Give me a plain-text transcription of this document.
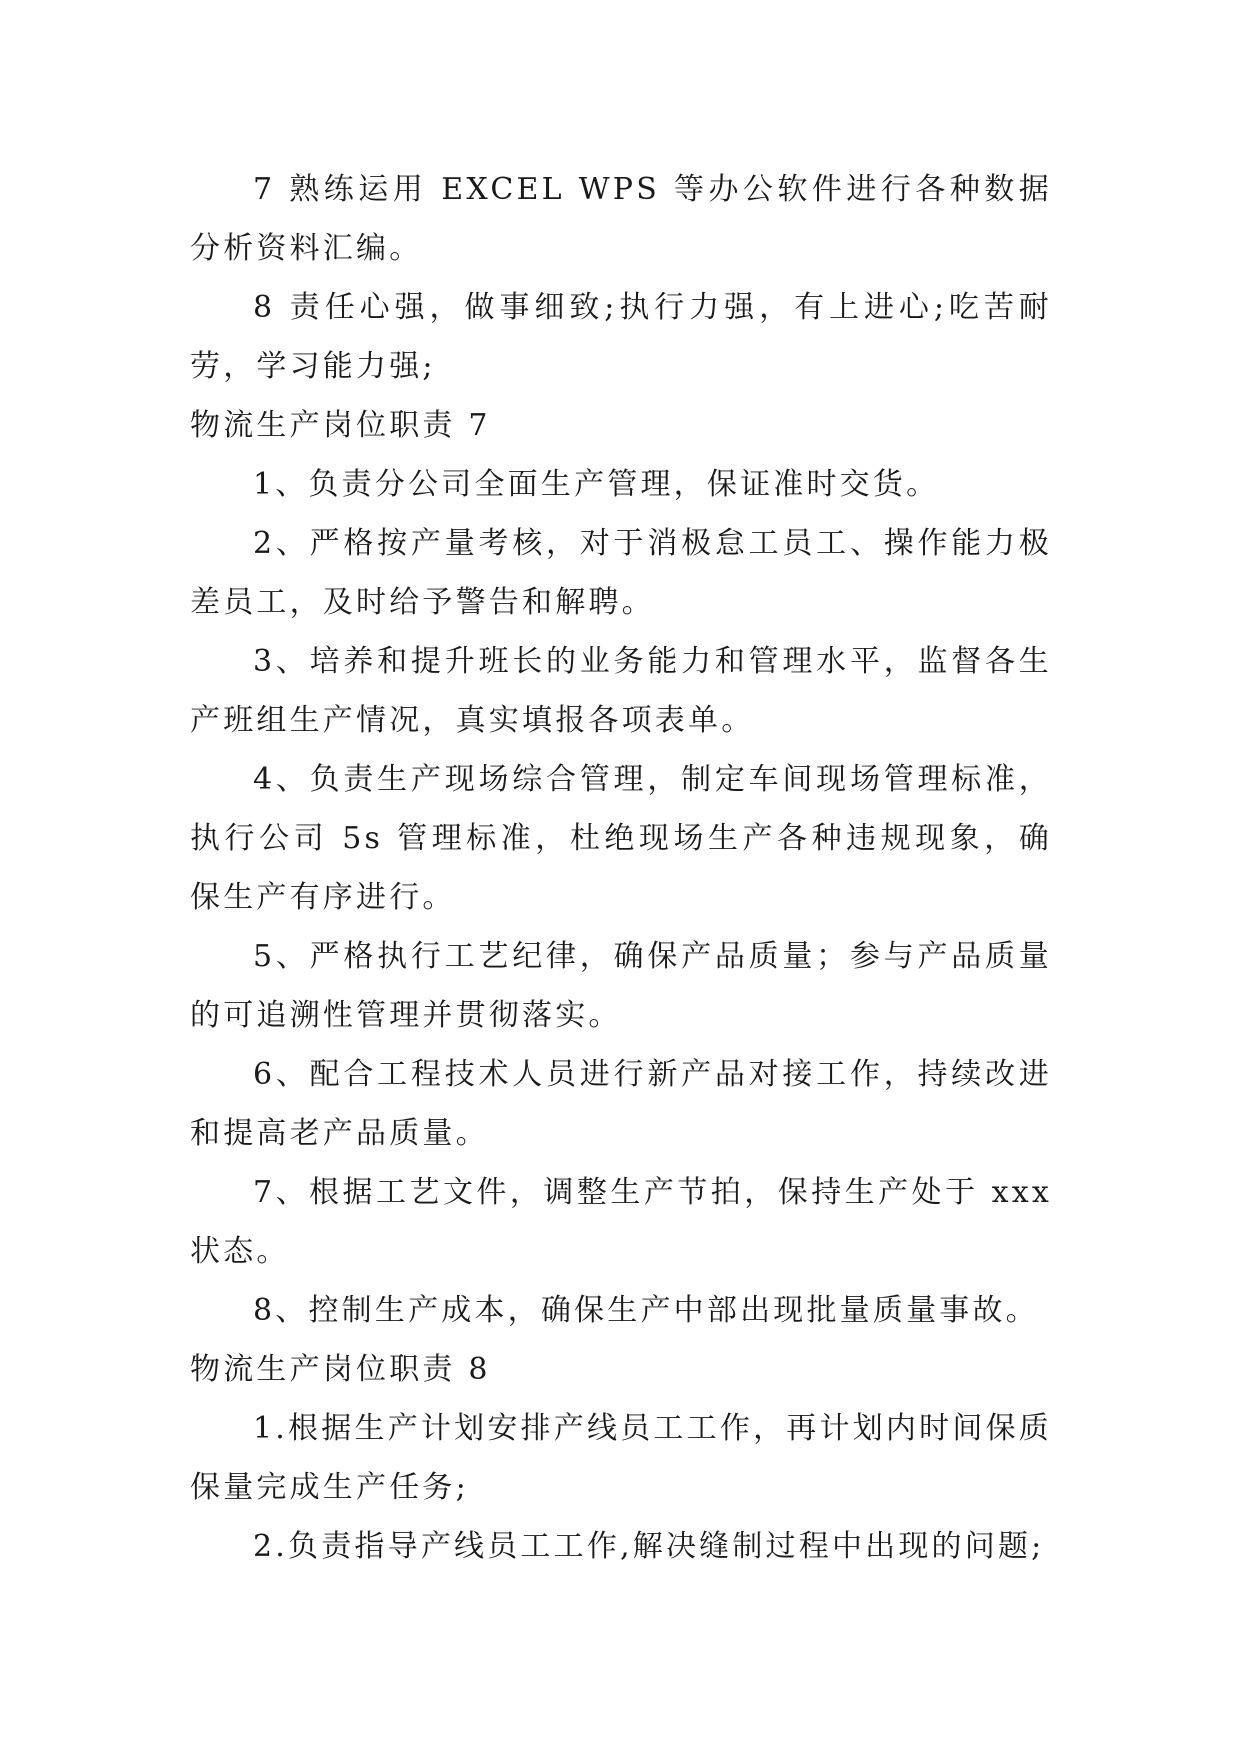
7 熟练运用 EXCEL WPS 等办公软件进行各种数据分析资料汇编。

8 责任心强，做事细致;执行力强，有上进心;吃苦耐劳，学习能力强;

物流生产岗位职责 7

1、负责分公司全面生产管理，保证准时交货。

2、严格按产量考核，对于消极怠工员工、操作能力极差员工，及时给予警告和解聘。

3、培养和提升班长的业务能力和管理水平，监督各生产班组生产情况，真实填报各项表单。

4、负责生产现场综合管理，制定车间现场管理标准，执行公司 5s 管理标准，杜绝现场生产各种违规现象，确保生产有序进行。

5、严格执行工艺纪律，确保产品质量；参与产品质量的可追溯性管理并贯彻落实。

6、配合工程技术人员进行新产品对接工作，持续改进和提高老产品质量。

7、根据工艺文件，调整生产节拍，保持生产处于 xxx 状态。

8、控制生产成本，确保生产中部出现批量质量事故。

物流生产岗位职责 8

1.根据生产计划安排产线员工工作，再计划内时间保质保量完成生产任务;

2.负责指导产线员工工作,解决缝制过程中出现的问题;
